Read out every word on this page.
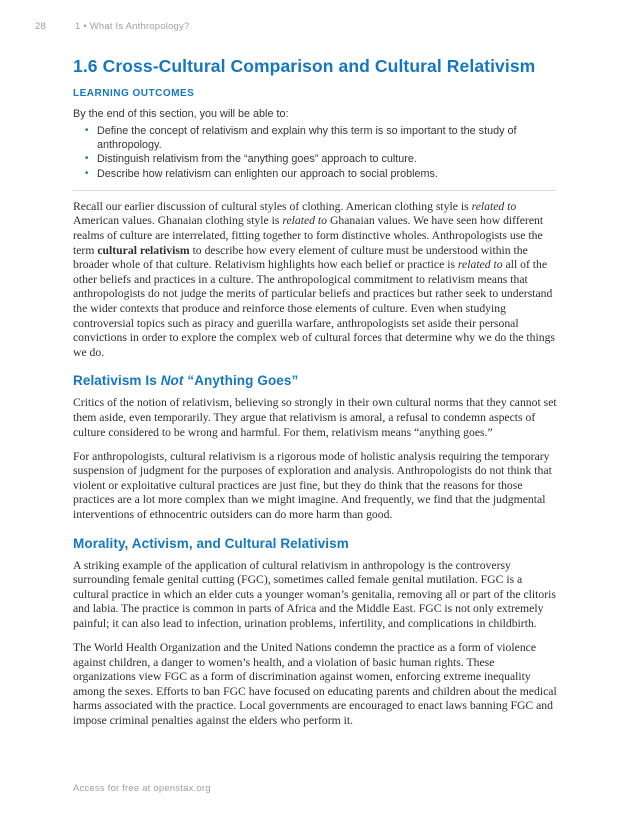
28	1 • What Is Anthropology?
1.6 Cross-Cultural Comparison and Cultural Relativism
LEARNING OUTCOMES

By the end of this section, you will be able to:

• Define the concept of relativism and explain why this term is so important to the study of anthropology.
• Distinguish relativism from the “anything goes” approach to culture.
• Describe how relativism can enlighten our approach to social problems.

Recall our earlier discussion of cultural styles of clothing. American clothing style is related to American values. Ghanaian clothing style is related to Ghanaian values. We have seen how different realms of culture are interrelated, fitting together to form distinctive wholes. Anthropologists use the term cultural relativism to describe how every element of culture must be understood within the broader whole of that culture. Relativism highlights how each belief or practice is related to all of the other beliefs and practices in a culture. The anthropological commitment to relativism means that anthropologists do not judge the merits of particular beliefs and practices but rather seek to understand the wider contexts that produce and reinforce those elements of culture. Even when studying controversial topics such as piracy and guerilla warfare, anthropologists set aside their personal convictions in order to explore the complex web of cultural forces that determine why we do the things we do.

Relativism Is Not “Anything Goes”

Critics of the notion of relativism, believing so strongly in their own cultural norms that they cannot set them aside, even temporarily. They argue that relativism is amoral, a refusal to condemn aspects of culture considered to be wrong and harmful. For them, relativism means “anything goes.”

For anthropologists, cultural relativism is a rigorous mode of holistic analysis requiring the temporary suspension of judgment for the purposes of exploration and analysis. Anthropologists do not think that violent or exploitative cultural practices are just fine, but they do think that the reasons for those practices are a lot more complex than we might imagine. And frequently, we find that the judgmental interventions of ethnocentric outsiders can do more harm than good.

Morality, Activism, and Cultural Relativism

A striking example of the application of cultural relativism in anthropology is the controversy surrounding female genital cutting (FGC), sometimes called female genital mutilation. FGC is a cultural practice in which an elder cuts a younger woman’s genitalia, removing all or part of the clitoris and labia. The practice is common in parts of Africa and the Middle East. FGC is not only extremely painful; it can also lead to infection, urination problems, infertility, and complications in childbirth.

The World Health Organization and the United Nations condemn the practice as a form of violence against children, a danger to women’s health, and a violation of basic human rights. These organizations view FGC as a form of discrimination against women, enforcing extreme inequality among the sexes. Efforts to ban FGC have focused on educating parents and children about the medical harms associated with the practice. Local governments are encouraged to enact laws banning FGC and impose criminal penalties against the elders who perform it.

Access for free at openstax.org
